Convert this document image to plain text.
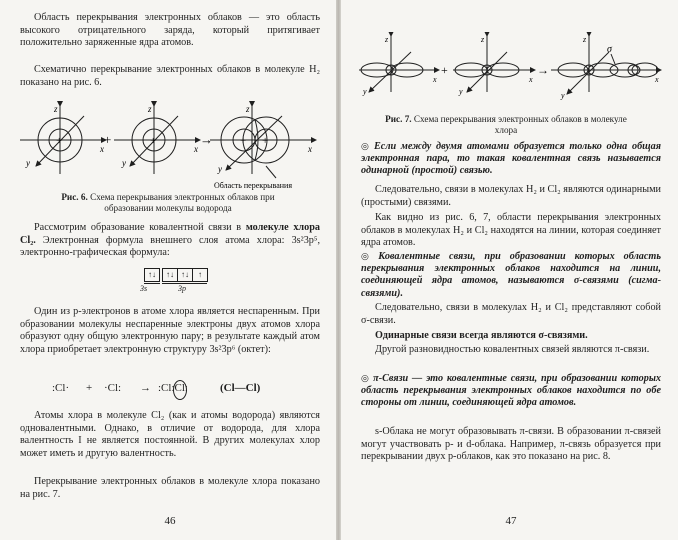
Область перекрывания электронных облаков — это область высокого отрицательного заряда, который притягивает положительно заряженные ядра атомов.

Схематично перекрывание электронных облаков в молекуле H₂ показано на рис. 6.

z
x
y
+	+
z
x
y
+	→
z
x
y
+ +
Область перекрывания
Рис. 6. Схема перекрывания электронных облаков при образовании молекулы водорода

Рассмотрим образование ковалентной связи в молекуле хлора Cl₂. Электронная формула внешнего слоя атома хлора: 3s²3p⁵, электронно-графическая формула:

↑↓	↑↓ ↑↓	↑
3s	3p

Один из p-электронов в атоме хлора является неспаренным. При образовании молекулы неспаренные электроны двух атомов хлора образуют одну общую электронную пару; в результате каждый атом хлора приобретает электронную структуру 3s²3p⁶ (октет):

:Cl· + ·Cl: → :Cl:Cl:	(Cl—Cl)

Атомы хлора в молекуле Cl₂ (как и атомы водорода) являются одновалентными. Однако, в отличие от водорода, для хлора валентность I не является постоянной. В других молекулах хлор может иметь и другую валентность.

Перекрывание электронных облаков в молекуле хлора показано на рис. 7.

46
z
x
y
+
z
x
y
→
z
x
y
σ
Рис. 7. Схема перекрывания электронных облаков в молекуле хлора
◎ Если между двумя атомами образуется только одна общая электронная пара, то такая ковалентная связь называется одинарной (простой) связью.

Следовательно, связи в молекулах H₂ и Cl₂ являются одинарными (простыми) связями.

Как видно из рис. 6, 7, области перекрывания электронных облаков в молекулах H₂ и Cl₂ находятся на линии, которая соединяет ядра атомов.

◎ Ковалентные связи, при образовании которых область перекрывания электронных облаков находится на линии, соединяющей ядра атомов, называются σ-связями (сигма-связями).

Следовательно, связи в молекулах H₂ и Cl₂ представляют собой σ-связи.

Одинарные связи всегда являются σ-связями.

Другой разновидностью ковалентных связей являются π-связи.

◎ π-Связи — это ковалентные связи, при образовании которых область перекрывания электронных облаков находится по обе стороны от линии, соединяющей ядра атомов.

s-Облака не могут образовывать π-связи. В образовании π-связей могут участвовать p- и d-облака. Например, π-связь образуется при перекрывании двух p-облаков, как это показано на рис. 8.

47
